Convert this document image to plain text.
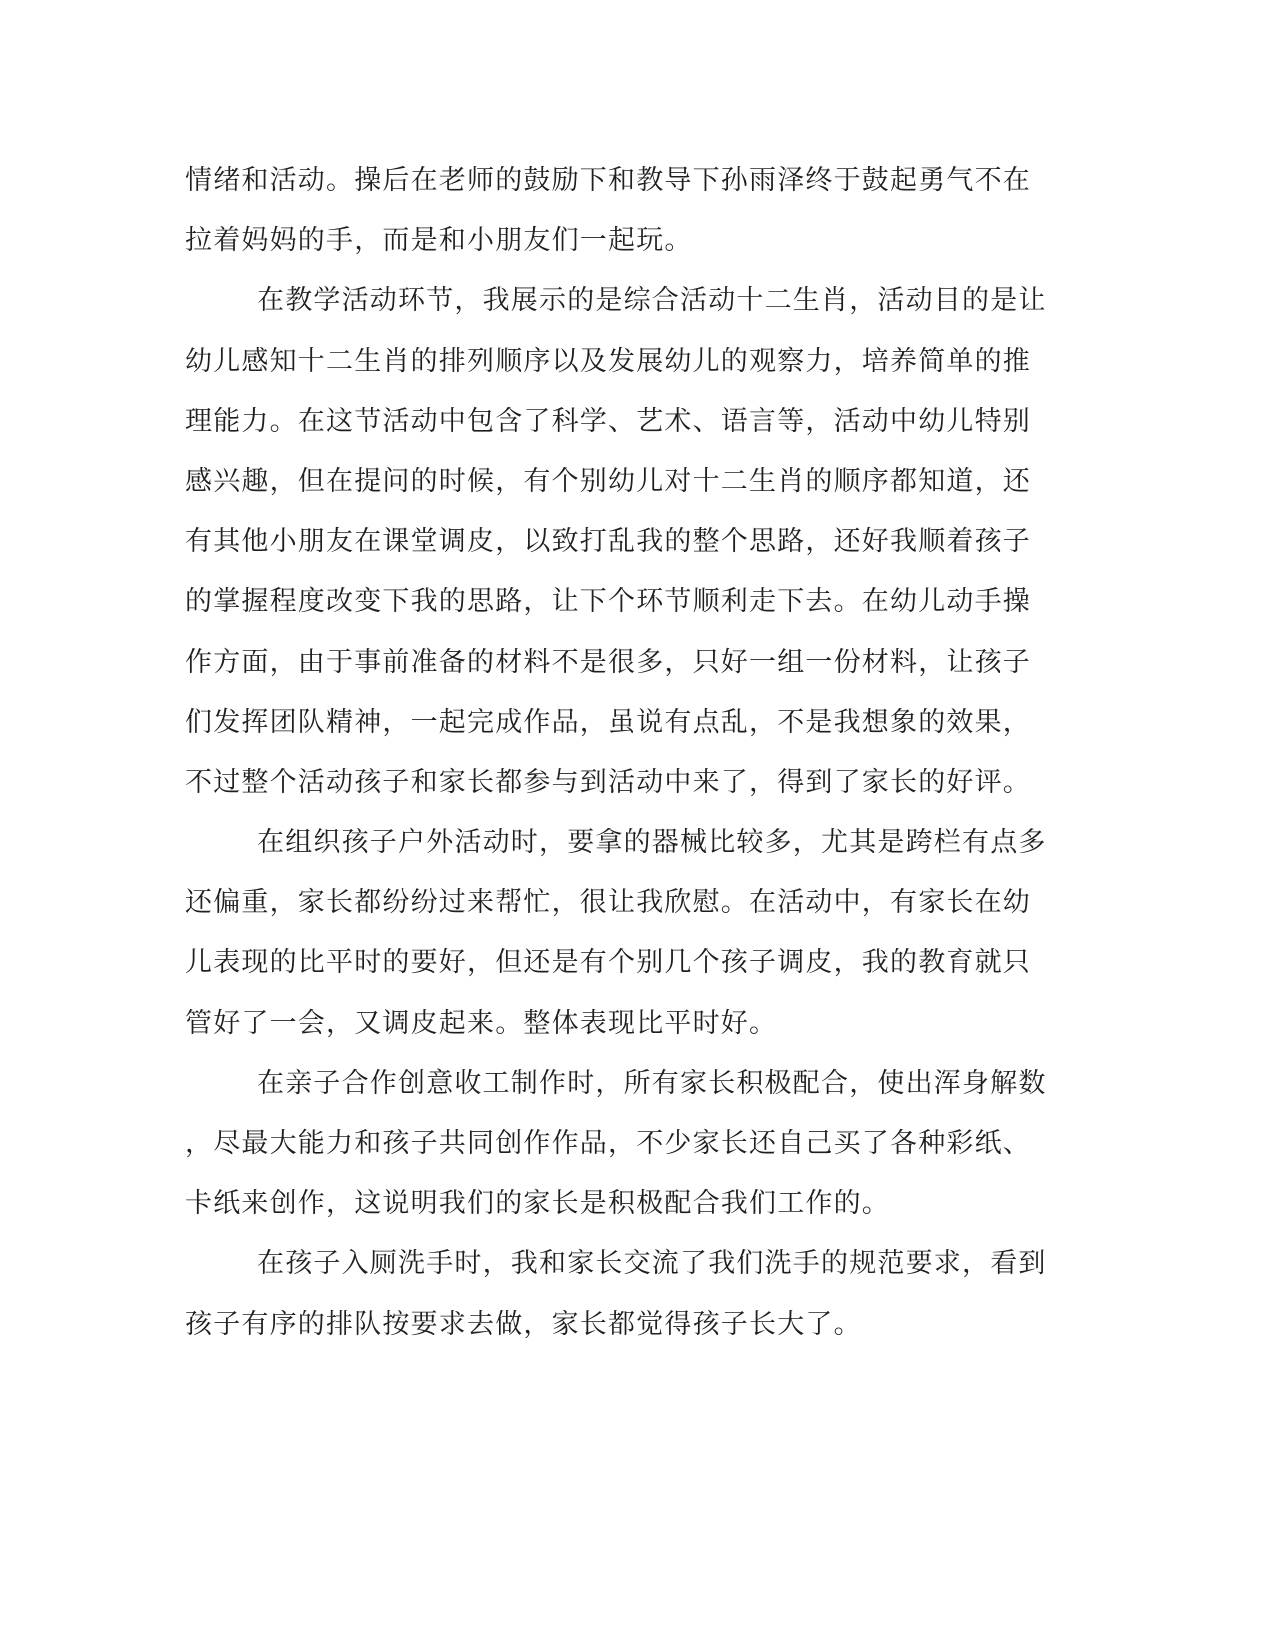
情绪和活动。操后在老师的鼓励下和教导下孙雨泽终于鼓起勇气不在
拉着妈妈的手，而是和小朋友们一起玩。
在教学活动环节，我展示的是综合活动十二生肖，活动目的是让
幼儿感知十二生肖的排列顺序以及发展幼儿的观察力，培养简单的推
理能力。在这节活动中包含了科学、艺术、语言等，活动中幼儿特别
感兴趣，但在提问的时候，有个别幼儿对十二生肖的顺序都知道，还
有其他小朋友在课堂调皮，以致打乱我的整个思路，还好我顺着孩子
的掌握程度改变下我的思路，让下个环节顺利走下去。在幼儿动手操
作方面，由于事前准备的材料不是很多，只好一组一份材料，让孩子
们发挥团队精神，一起完成作品，虽说有点乱，不是我想象的效果，
不过整个活动孩子和家长都参与到活动中来了，得到了家长的好评。
在组织孩子户外活动时，要拿的器械比较多，尤其是跨栏有点多
还偏重，家长都纷纷过来帮忙，很让我欣慰。在活动中，有家长在幼
儿表现的比平时的要好，但还是有个别几个孩子调皮，我的教育就只
管好了一会，又调皮起来。整体表现比平时好。
在亲子合作创意收工制作时，所有家长积极配合，使出浑身解数
，尽最大能力和孩子共同创作作品，不少家长还自己买了各种彩纸、
卡纸来创作，这说明我们的家长是积极配合我们工作的。
在孩子入厕洗手时，我和家长交流了我们洗手的规范要求，看到
孩子有序的排队按要求去做，家长都觉得孩子长大了。
